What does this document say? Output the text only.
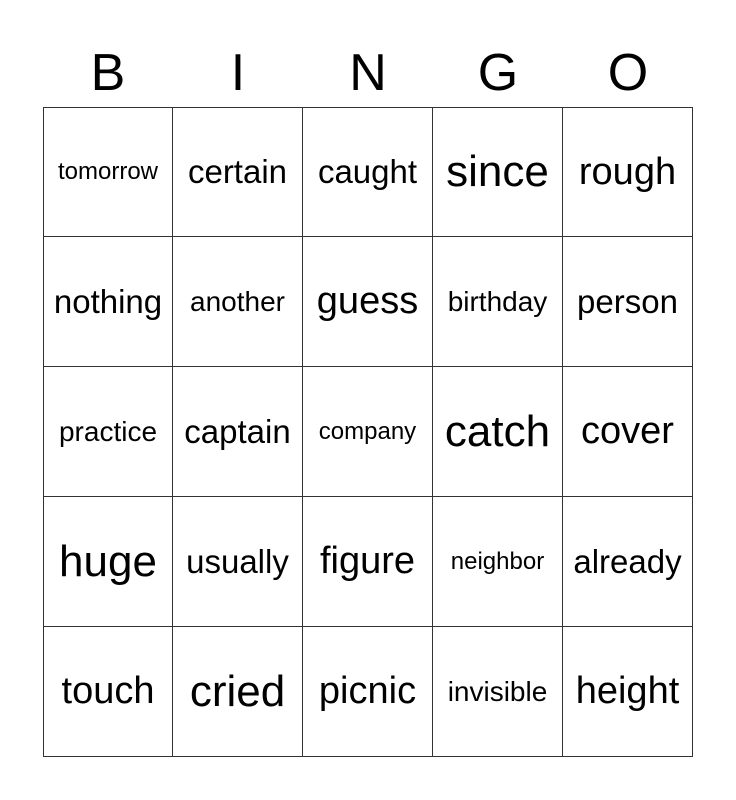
B	I	N	G	O
tomorrow certain caught since rough
nothing another guess	birthday person
practice captain	company catch cover
huge usually figure	neighbor already
touch cried picnic	invisible height
